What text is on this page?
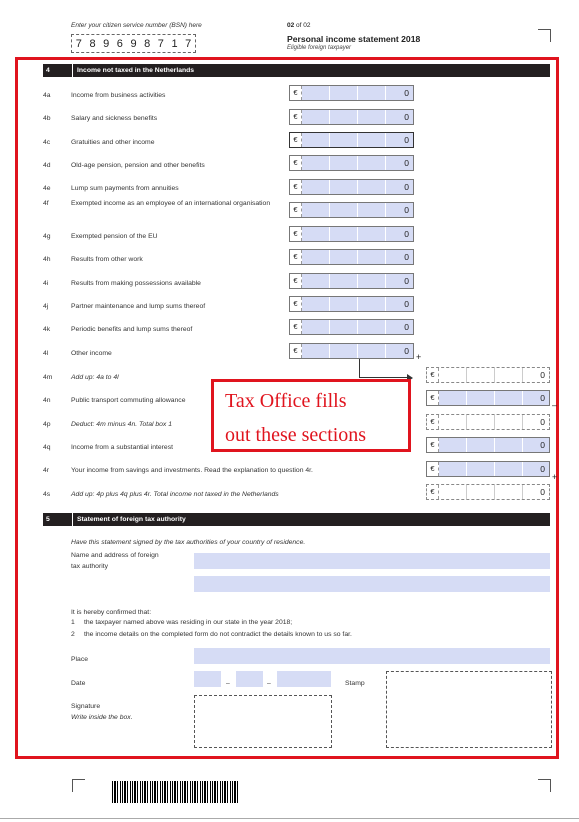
Enter your citizen service number (BSN) here
7 8 9 6 9 8 7 1 7
02 of 02
Personal income statement 2018
Eligible foreign taxpayer
4	Income not taxed in the Netherlands
4a	Income from business activities	€	0
4b	Salary and sickness benefits	€	0
4c	Gratuities and other income	€	0
4d	Old-age pension, pension and other benefits	€	0
4e	Lump sum payments from annuities	€	0
4f	Exempted income as an employee of an international organisation
€	0
4g	Exempted pension of the EU	€	0
4h	Results from other work	€	0
4i	Results from making possessions available	€	0
4j	Partner maintenance and lump sums thereof	€	0
4k	Periodic benefits and lump sums thereof	€	0
4l	Other income	€	0
+
4m	Add up: 4a to 4l	€	0
4n	Public transport commuting allowance	€	0
–
4p	Deduct: 4m minus 4n. Total box 1	€	0
4q	Income from a substantial interest	€	0
4r	Your income from savings and investments. Read the explanation to question 4r.	€	0
+
4s	Add up: 4p plus 4q plus 4r. Total income not taxed in the Netherlands	€	0
Tax Office fills
out these sections
5	Statement of foreign tax authority
Have this statement signed by the tax authorities of your country of residence.
Name and address of foreign
tax authority
It is hereby confirmed that:
1 the taxpayer named above was residing in our state in the year 2018;
2 the income details on the completed form do not contradict the details known to us so far.
Place
Date	–	–	Stamp
Signature
Write inside the box.
